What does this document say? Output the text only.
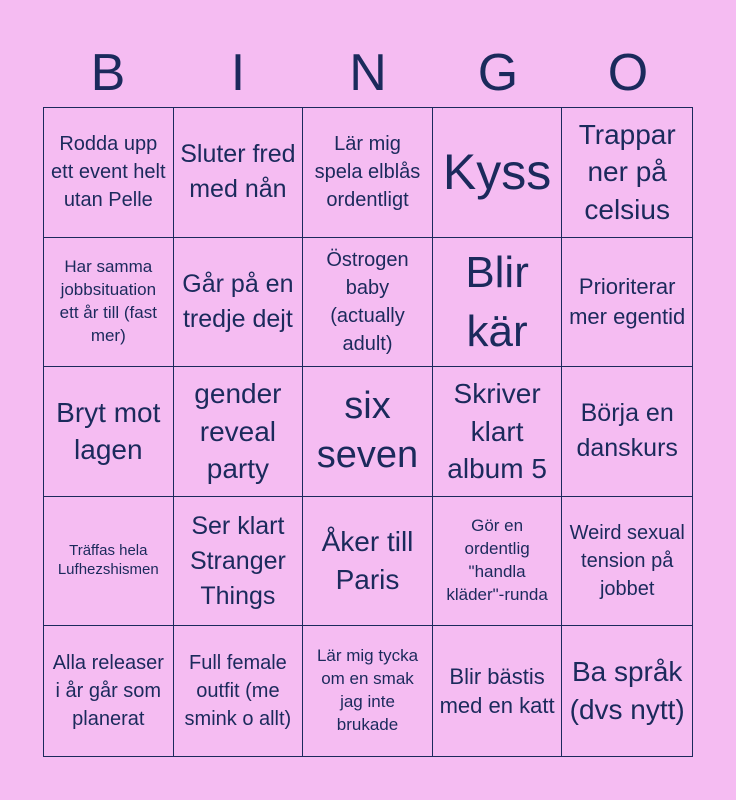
B	I	N	G	O
Rodda upp ett event helt utan Pelle
Sluter fred med nån
Lär mig spela elblås ordentligt
Kyss
Trappar ner på celsius
Har samma jobbsituation ett år till (fast mer)
Går på en tredje dejt
Östrogen baby (actually adult)
Blir kär
Prioriterar mer egentid
Bryt mot lagen
gender reveal party
six seven
Skriver klart album 5
Börja en danskurs
Träffas hela Lufhezshismen
Ser klart Stranger Things
Åker till Paris
Gör en ordentlig "handla kläder"-runda
Weird sexual tension på jobbet
Alla releaser i år går som planerat
Full female outfit (me smink o allt)
Lär mig tycka om en smak jag inte brukade
Blir bästis med en katt
Ba språk (dvs nytt)
